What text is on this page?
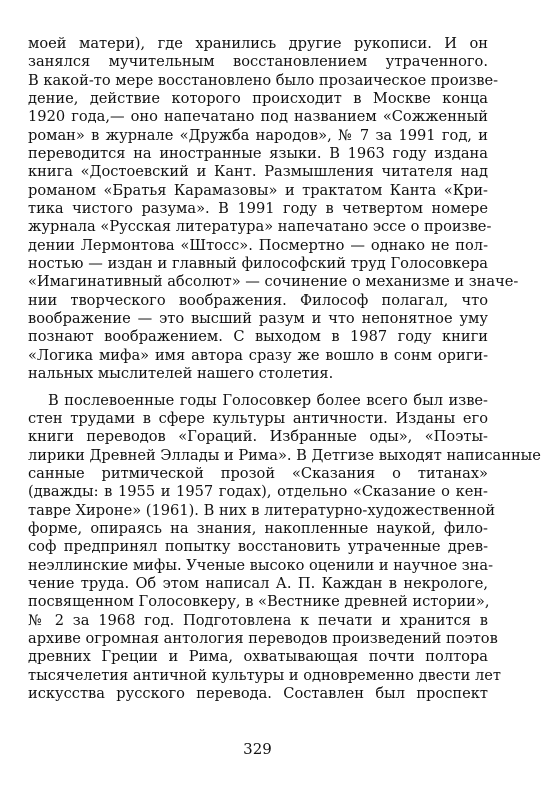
моей матери), где хранились другие рукописи. И он
занялся мучительным восстановлением утраченного.
В какой-то мере восстановлено было прозаическое произве-
дение, действие которого происходит в Москве конца
1920 года,— оно напечатано под названием «Сожженный
роман» в журнале «Дружба народов», № 7 за 1991 год, и
переводится на иностранные языки. В 1963 году издана
книга «Достоевский и Кант. Размышления читателя над
романом «Братья Карамазовы» и трактатом Канта «Кри-
тика чистого разума». В 1991 году в четвертом номере
журнала «Русская литература» напечатано эссе о произве-
дении Лермонтова «Штосс». Посмертно — однако не пол-
ностью — издан и главный философский труд Голосовкера
«Имагинативный абсолют» — сочинение о механизме и значе-
нии творческого воображения. Философ полагал, что
воображение — это высший разум и что непонятное уму
познают воображением. С выходом в 1987 году книги
«Логика мифа» имя автора сразу же вошло в сонм ориги-
нальных мыслителей нашего столетия.
В послевоенные годы Голосовкер более всего был изве-
стен трудами в сфере культуры античности. Изданы его
книги переводов «Гораций. Избранные оды», «Поэты-
лирики Древней Эллады и Рима». В Детгизе выходят написанные
санные ритмической прозой «Сказания о титанах»
(дважды: в 1955 и 1957 годах), отдельно «Сказание о кен-
тавре Хироне» (1961). В них в литературно-художественной
форме, опираясь на знания, накопленные наукой, фило-
соф предпринял попытку восстановить утраченные древ-
неэллинские мифы. Ученые высоко оценили и научное зна-
чение труда. Об этом написал А. П. Каждан в некрологе,
посвященном Голосовкеру, в «Вестнике древней истории»,
№ 2 за 1968 год. Подготовлена к печати и хранится в
архиве огромная антология переводов произведений поэтов
древних Греции и Рима, охватывающая почти полтора
тысячелетия античной культуры и одновременно двести лет
искусства русского перевода. Составлен был проспект
329
